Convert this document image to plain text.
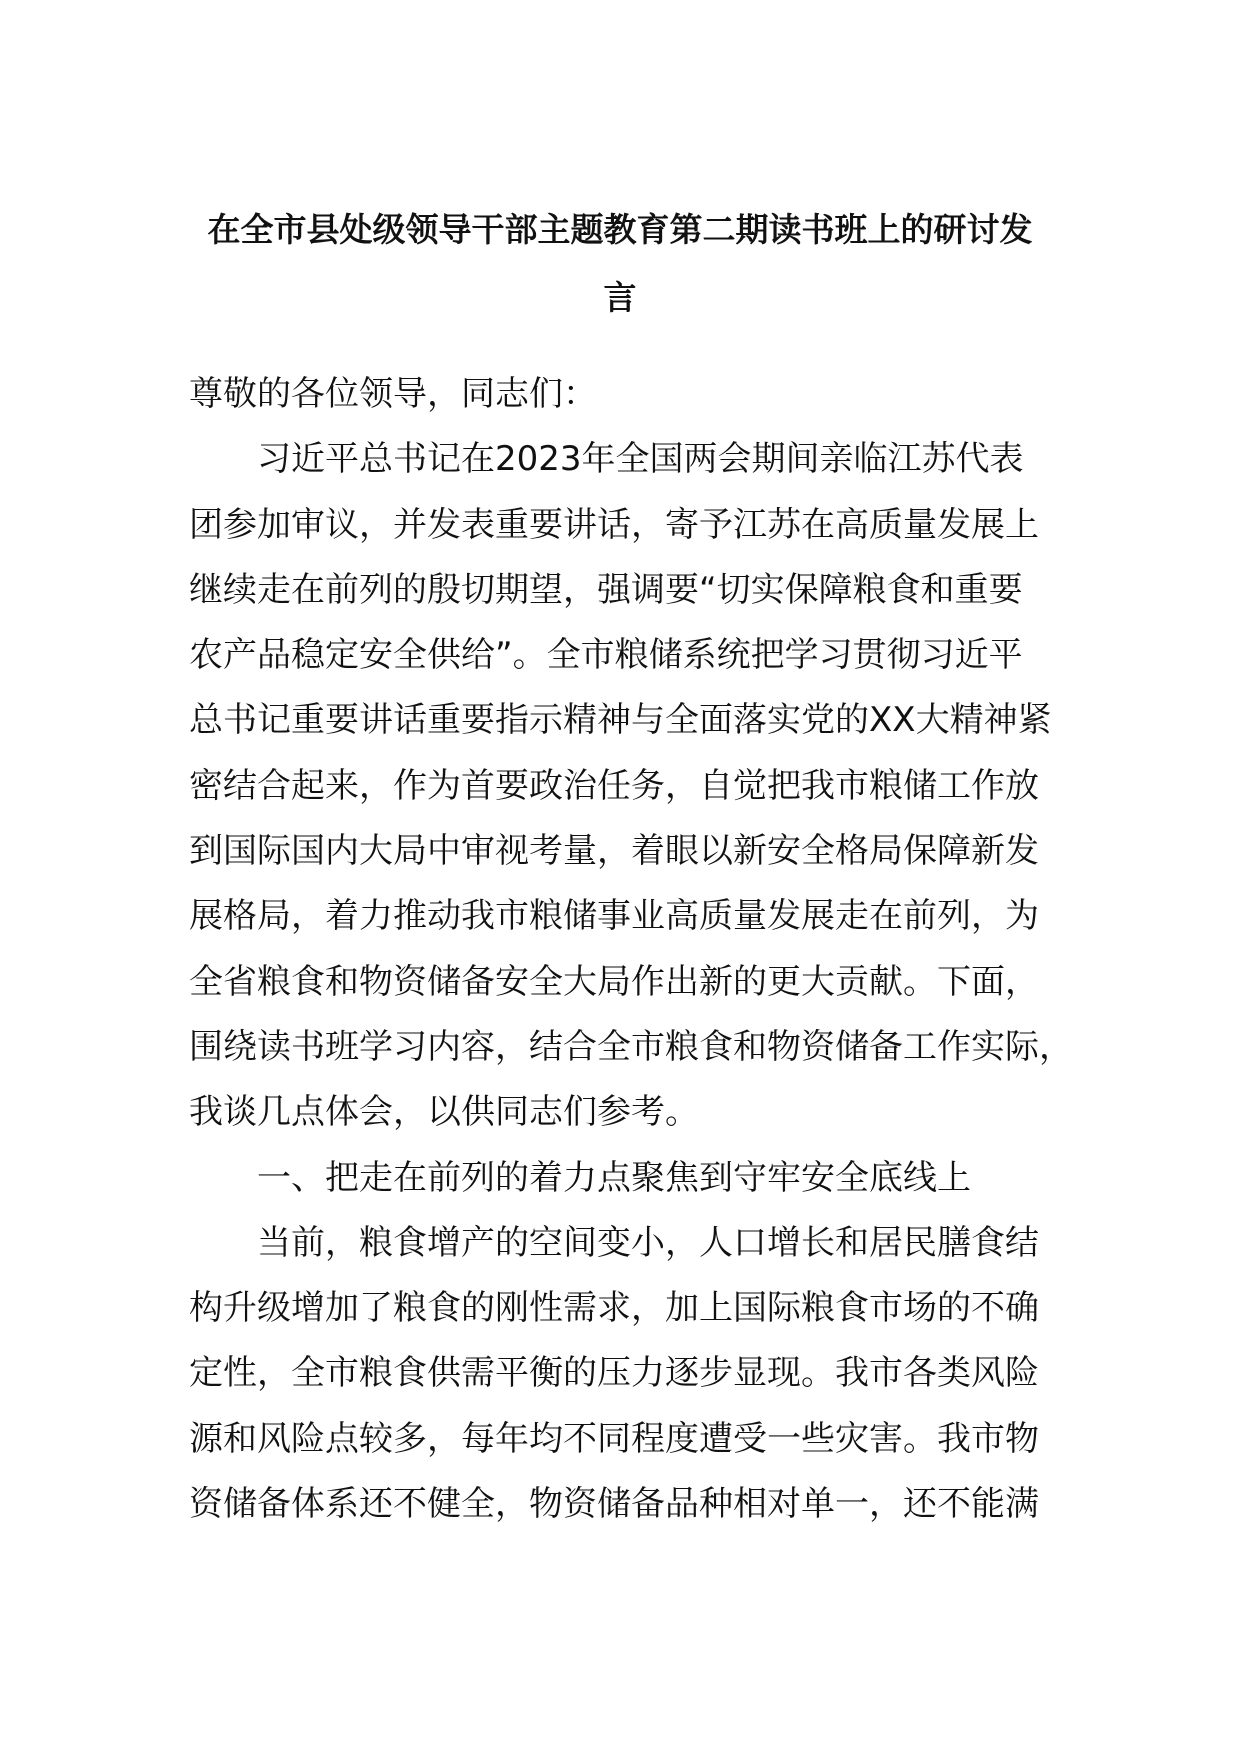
在全市县处级领导干部主题教育第二期读书班上的研讨发
言
尊敬的各位领导，同志们：
习近平总书记在2023年全国两会期间亲临江苏代表
团参加审议，并发表重要讲话，寄予江苏在高质量发展上
继续走在前列的殷切期望，强调要“切实保障粮食和重要
农产品稳定安全供给”。全市粮储系统把学习贯彻习近平
总书记重要讲话重要指示精神与全面落实党的XX大精神紧
密结合起来，作为首要政治任务，自觉把我市粮储工作放
到国际国内大局中审视考量，着眼以新安全格局保障新发
展格局，着力推动我市粮储事业高质量发展走在前列，为
全省粮食和物资储备安全大局作出新的更大贡献。下面，
围绕读书班学习内容，结合全市粮食和物资储备工作实际，
我谈几点体会，以供同志们参考。
一、把走在前列的着力点聚焦到守牢安全底线上
当前，粮食增产的空间变小，人口增长和居民膳食结
构升级增加了粮食的刚性需求，加上国际粮食市场的不确
定性，全市粮食供需平衡的压力逐步显现。我市各类风险
源和风险点较多，每年均不同程度遭受一些灾害。我市物
资储备体系还不健全，物资储备品种相对单一，还不能满
